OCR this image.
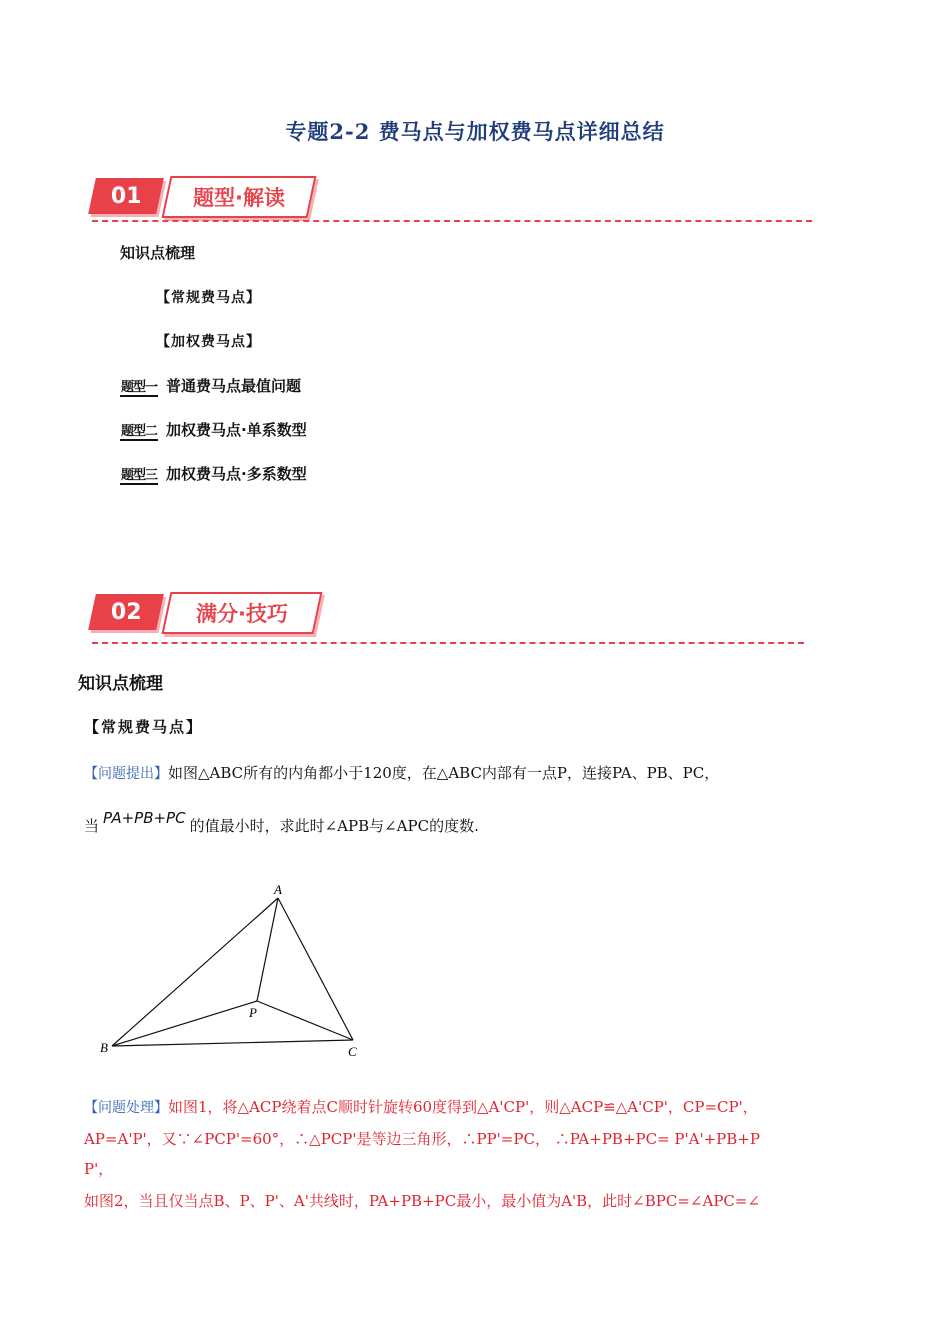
专题2-2 费马点与加权费马点详细总结
01 题型·解读
知识点梳理
【常规费马点】
【加权费马点】
题型一 普通费马点最值问题
题型二 加权费马点·单系数型
题型三 加权费马点·多系数型
02	满分·技巧
知识点梳理
【常规费马点】
【问题提出】如图△ABC所有的内角都小于120度，在△ABC内部有一点P，连接PA、PB、PC，
当 PA+PB+PC 的值最小时，求此时∠APB与∠APC的度数.
A
B	C
P
【问题处理】如图1，将△ACP绕着点C顺时针旋转60度得到△A'CP'，则△ACP≌△A'CP'，CP=CP'，
AP=A'P'，又∵∠PCP'=60°，∴△PCP'是等边三角形，∴PP'=PC， ∴PA+PB+PC= P'A'+PB+P
P'，
如图2，当且仅当点B、P、P'、A'共线时，PA+PB+PC最小，最小值为A'B，此时∠BPC=∠APC=∠
